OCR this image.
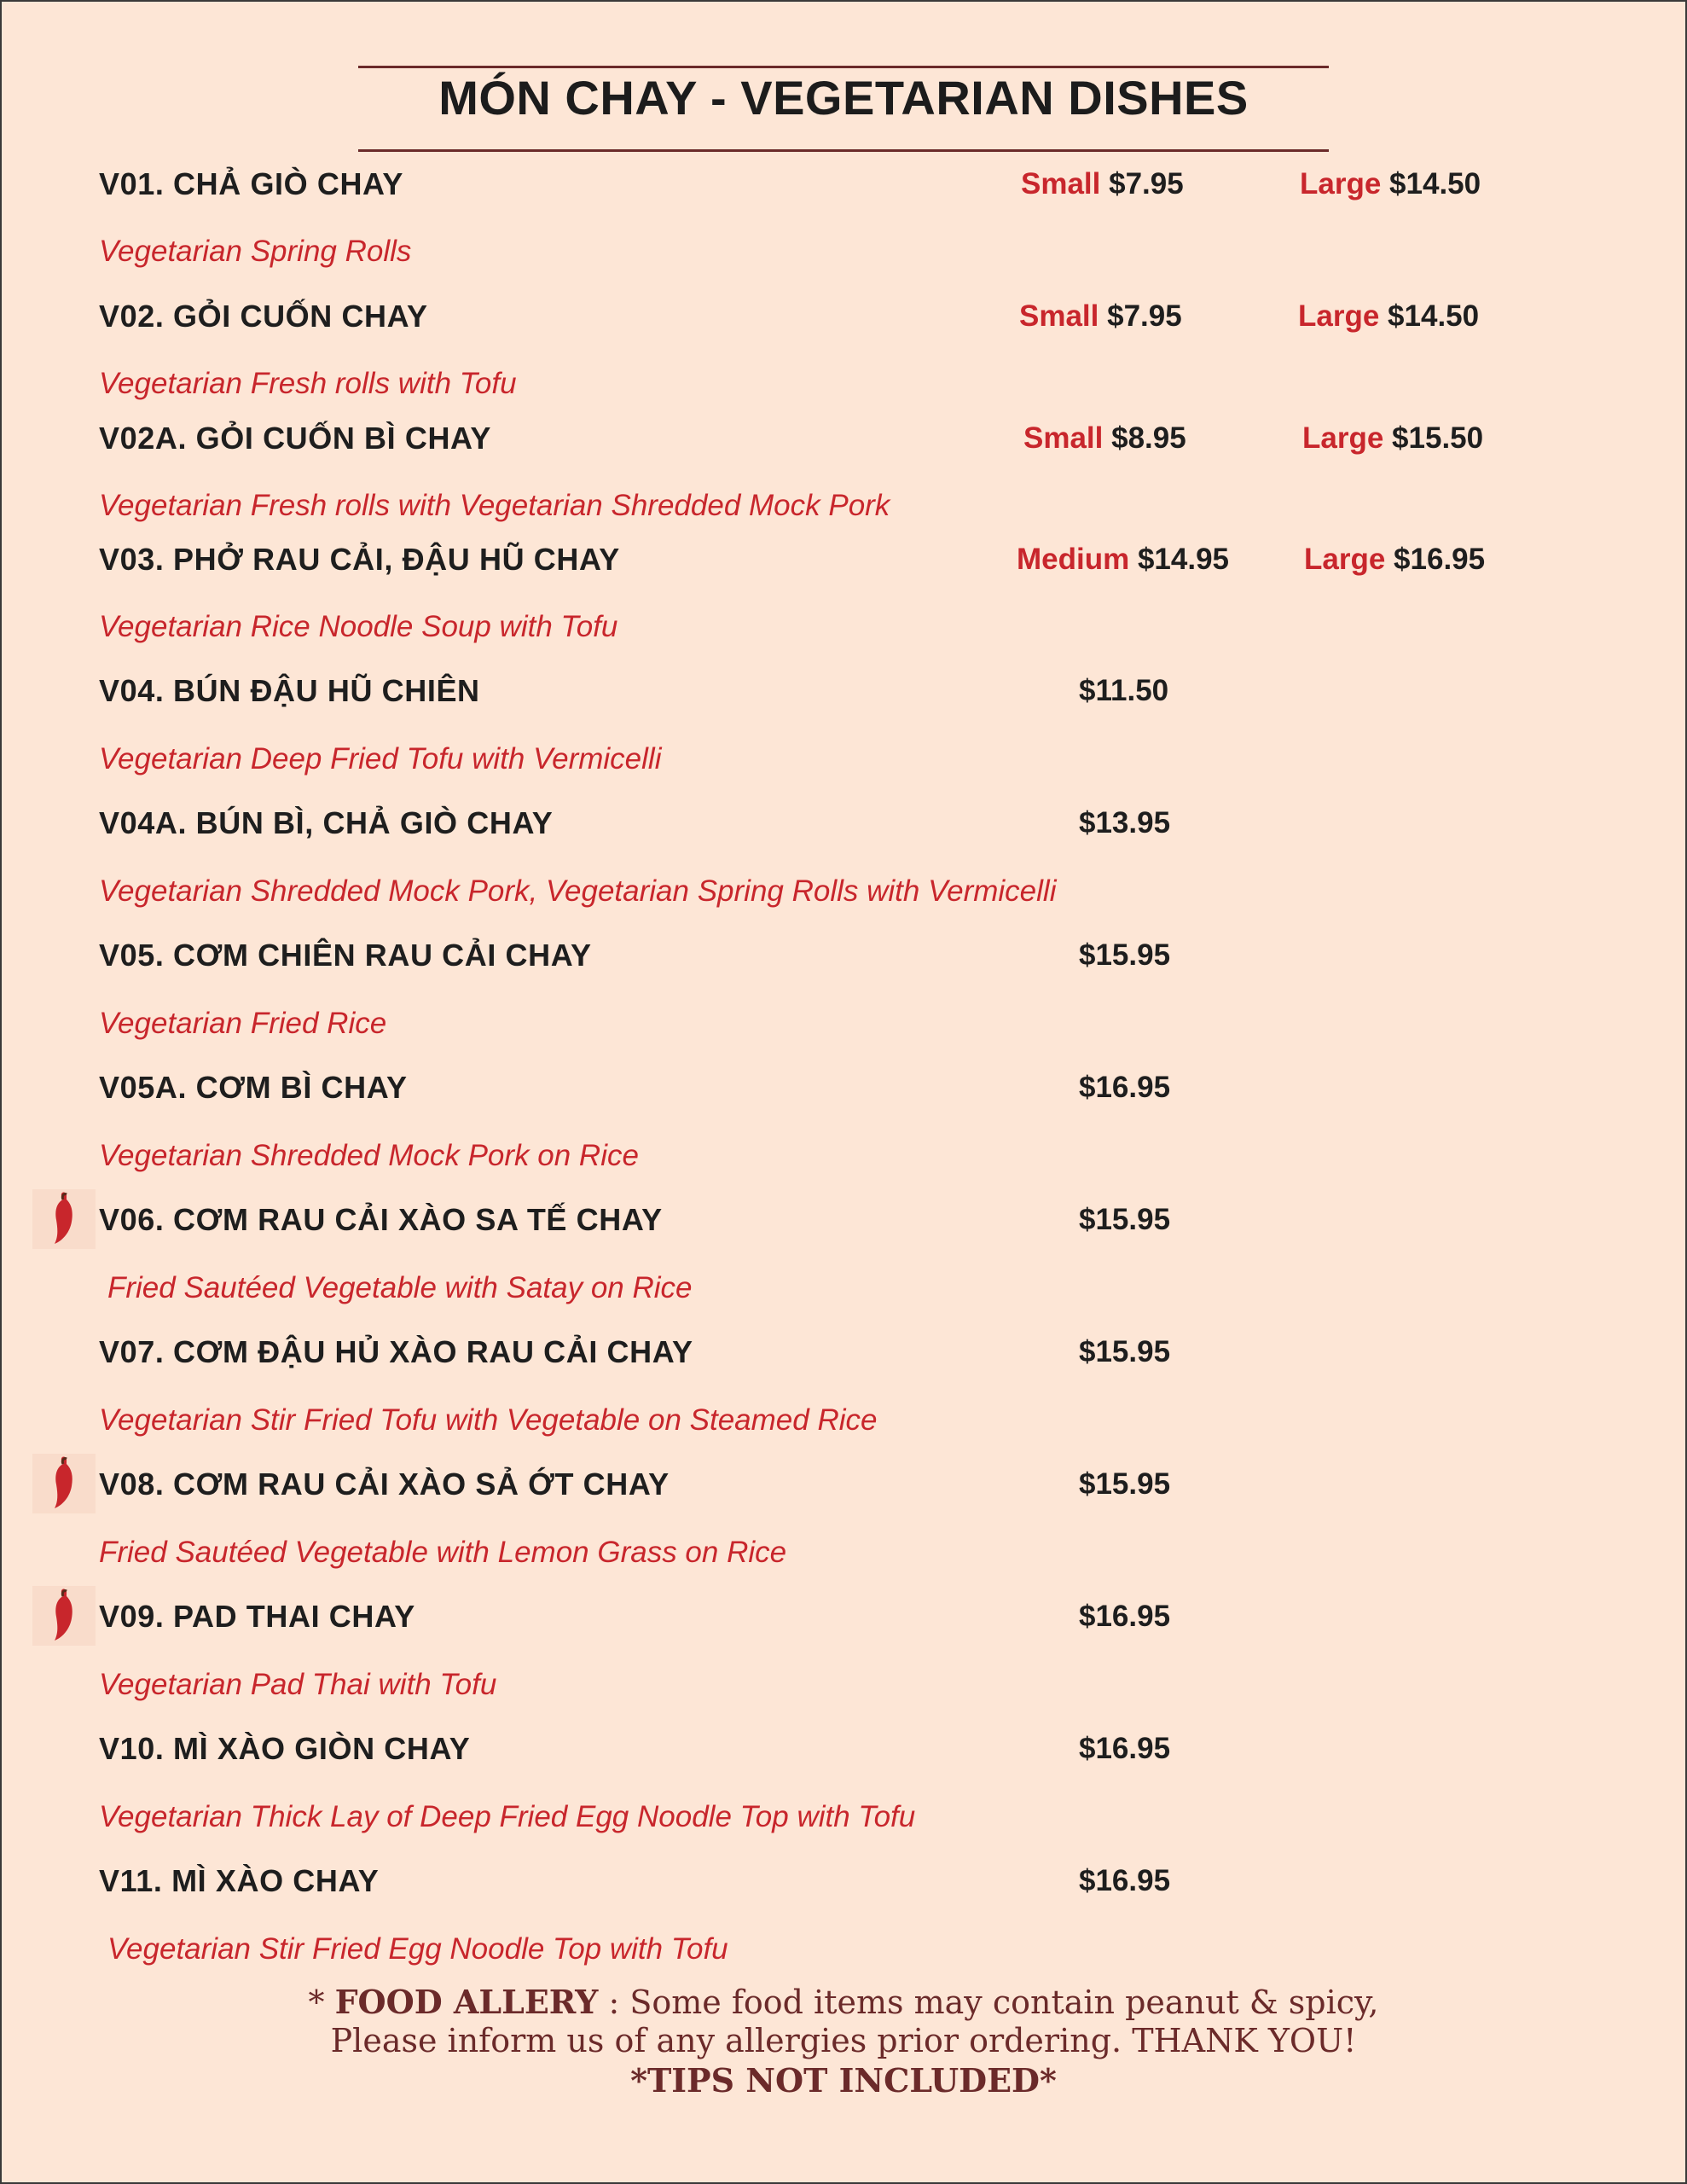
MÓN CHAY - VEGETARIAN DISHES
V01. CHẢ GIÒ CHAY	Small $7.95	Large $14.50
Vegetarian Spring Rolls
V02. GỎI CUỐN CHAY	Small $7.95	Large $14.50
Vegetarian Fresh rolls with Tofu
V02A. GỎI CUỐN BÌ CHAY	Small $8.95	Large $15.50
Vegetarian Fresh rolls with Vegetarian Shredded Mock Pork
V03. PHỞ RAU CẢI, ĐẬU HŨ CHAY	Medium $14.95	Large $16.95
Vegetarian Rice Noodle Soup with Tofu
V04. BÚN ĐẬU HŨ CHIÊN	$11.50
Vegetarian Deep Fried Tofu with Vermicelli
V04A. BÚN BÌ, CHẢ GIÒ CHAY	$13.95
Vegetarian Shredded Mock Pork, Vegetarian Spring Rolls with Vermicelli
V05. CƠM CHIÊN RAU CẢI CHAY	$15.95
Vegetarian Fried Rice
V05A. CƠM BÌ CHAY	$16.95
Vegetarian Shredded Mock Pork on Rice
V06. CƠM RAU CẢI XÀO SA TẾ CHAY	$15.95
Fried Sautéed Vegetable with Satay on Rice
V07. CƠM ĐẬU HỦ XÀO RAU CẢI CHAY	$15.95
Vegetarian Stir Fried Tofu with Vegetable on Steamed Rice
V08. CƠM RAU CẢI XÀO SẢ ỚT CHAY	$15.95
Fried Sautéed Vegetable with Lemon Grass on Rice
V09. PAD THAI CHAY	$16.95
Vegetarian Pad Thai with Tofu
V10. MÌ XÀO GIÒN CHAY	$16.95
Vegetarian Thick Lay of Deep Fried Egg Noodle Top with Tofu
V11. MÌ XÀO CHAY	$16.95
Vegetarian Stir Fried Egg Noodle Top with Tofu
* FOOD ALLERY : Some food items may contain peanut & spicy,
Please inform us of any allergies prior ordering. THANK YOU!
*TIPS NOT INCLUDED*
